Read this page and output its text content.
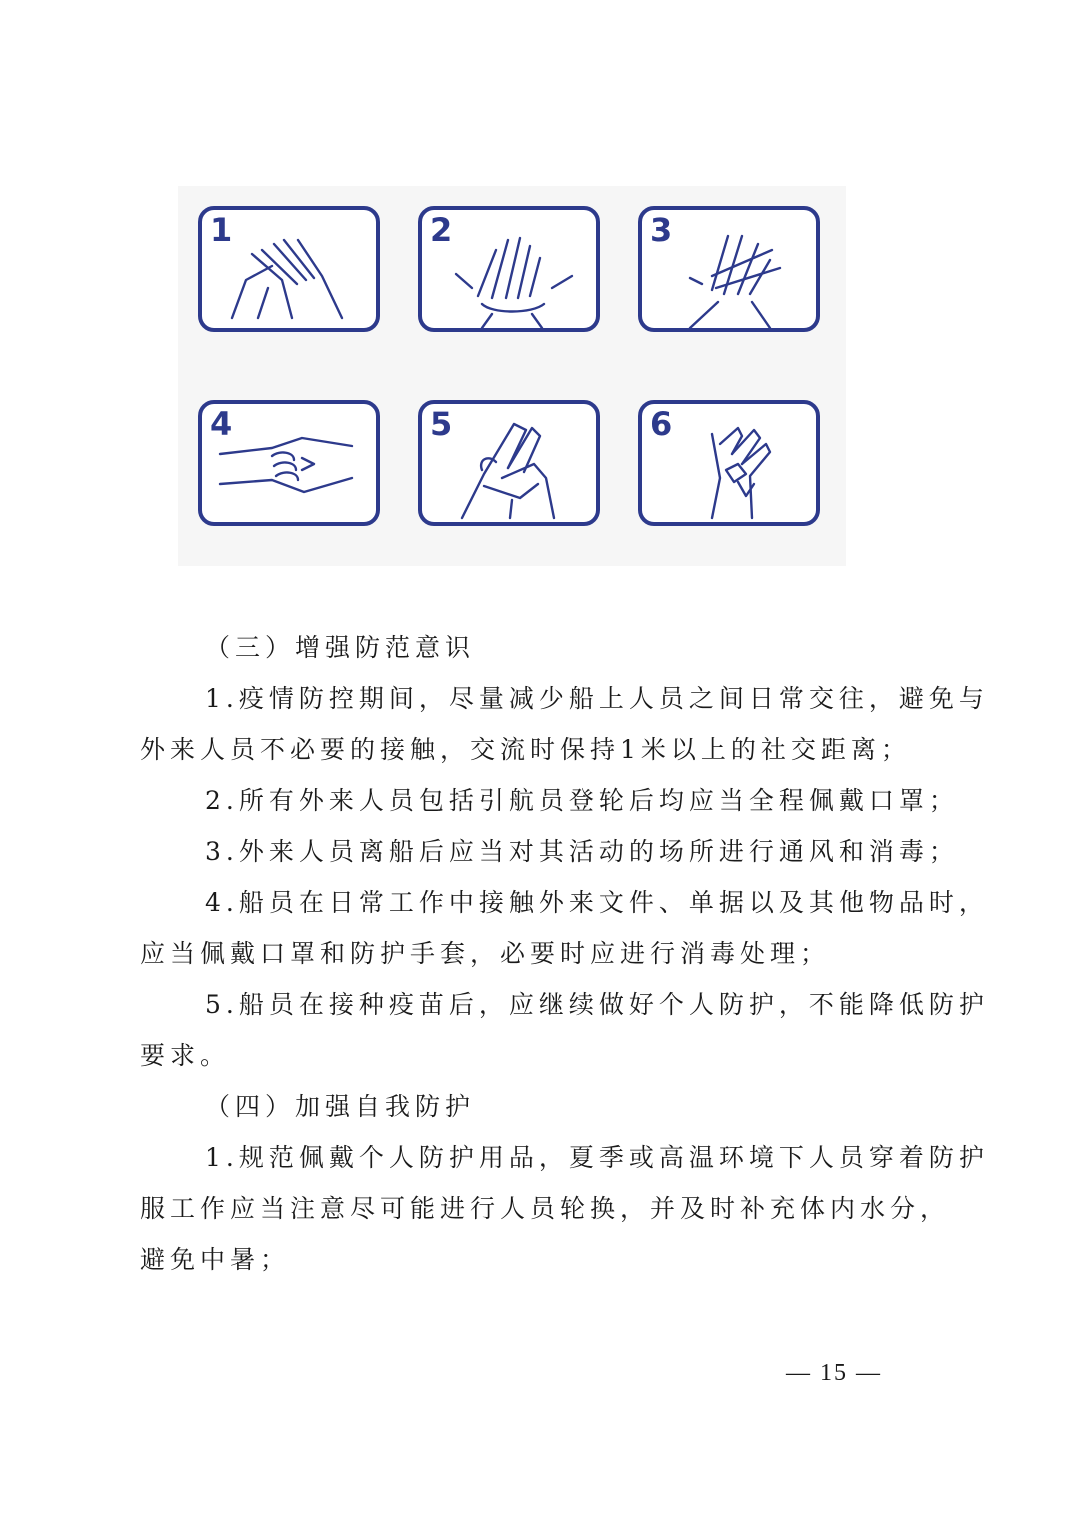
1	2	3
4	5	6
（三）增强防范意识
1.疫情防控期间，尽量减少船上人员之间日常交往，避免与
外来人员不必要的接触，交流时保持1米以上的社交距离；
2.所有外来人员包括引航员登轮后均应当全程佩戴口罩；
3.外来人员离船后应当对其活动的场所进行通风和消毒；
4.船员在日常工作中接触外来文件、单据以及其他物品时，
应当佩戴口罩和防护手套，必要时应进行消毒处理；
5.船员在接种疫苗后，应继续做好个人防护，不能降低防护
要求。
（四）加强自我防护
1.规范佩戴个人防护用品，夏季或高温环境下人员穿着防护
服工作应当注意尽可能进行人员轮换，并及时补充体内水分，
避免中暑；
— 15 —
